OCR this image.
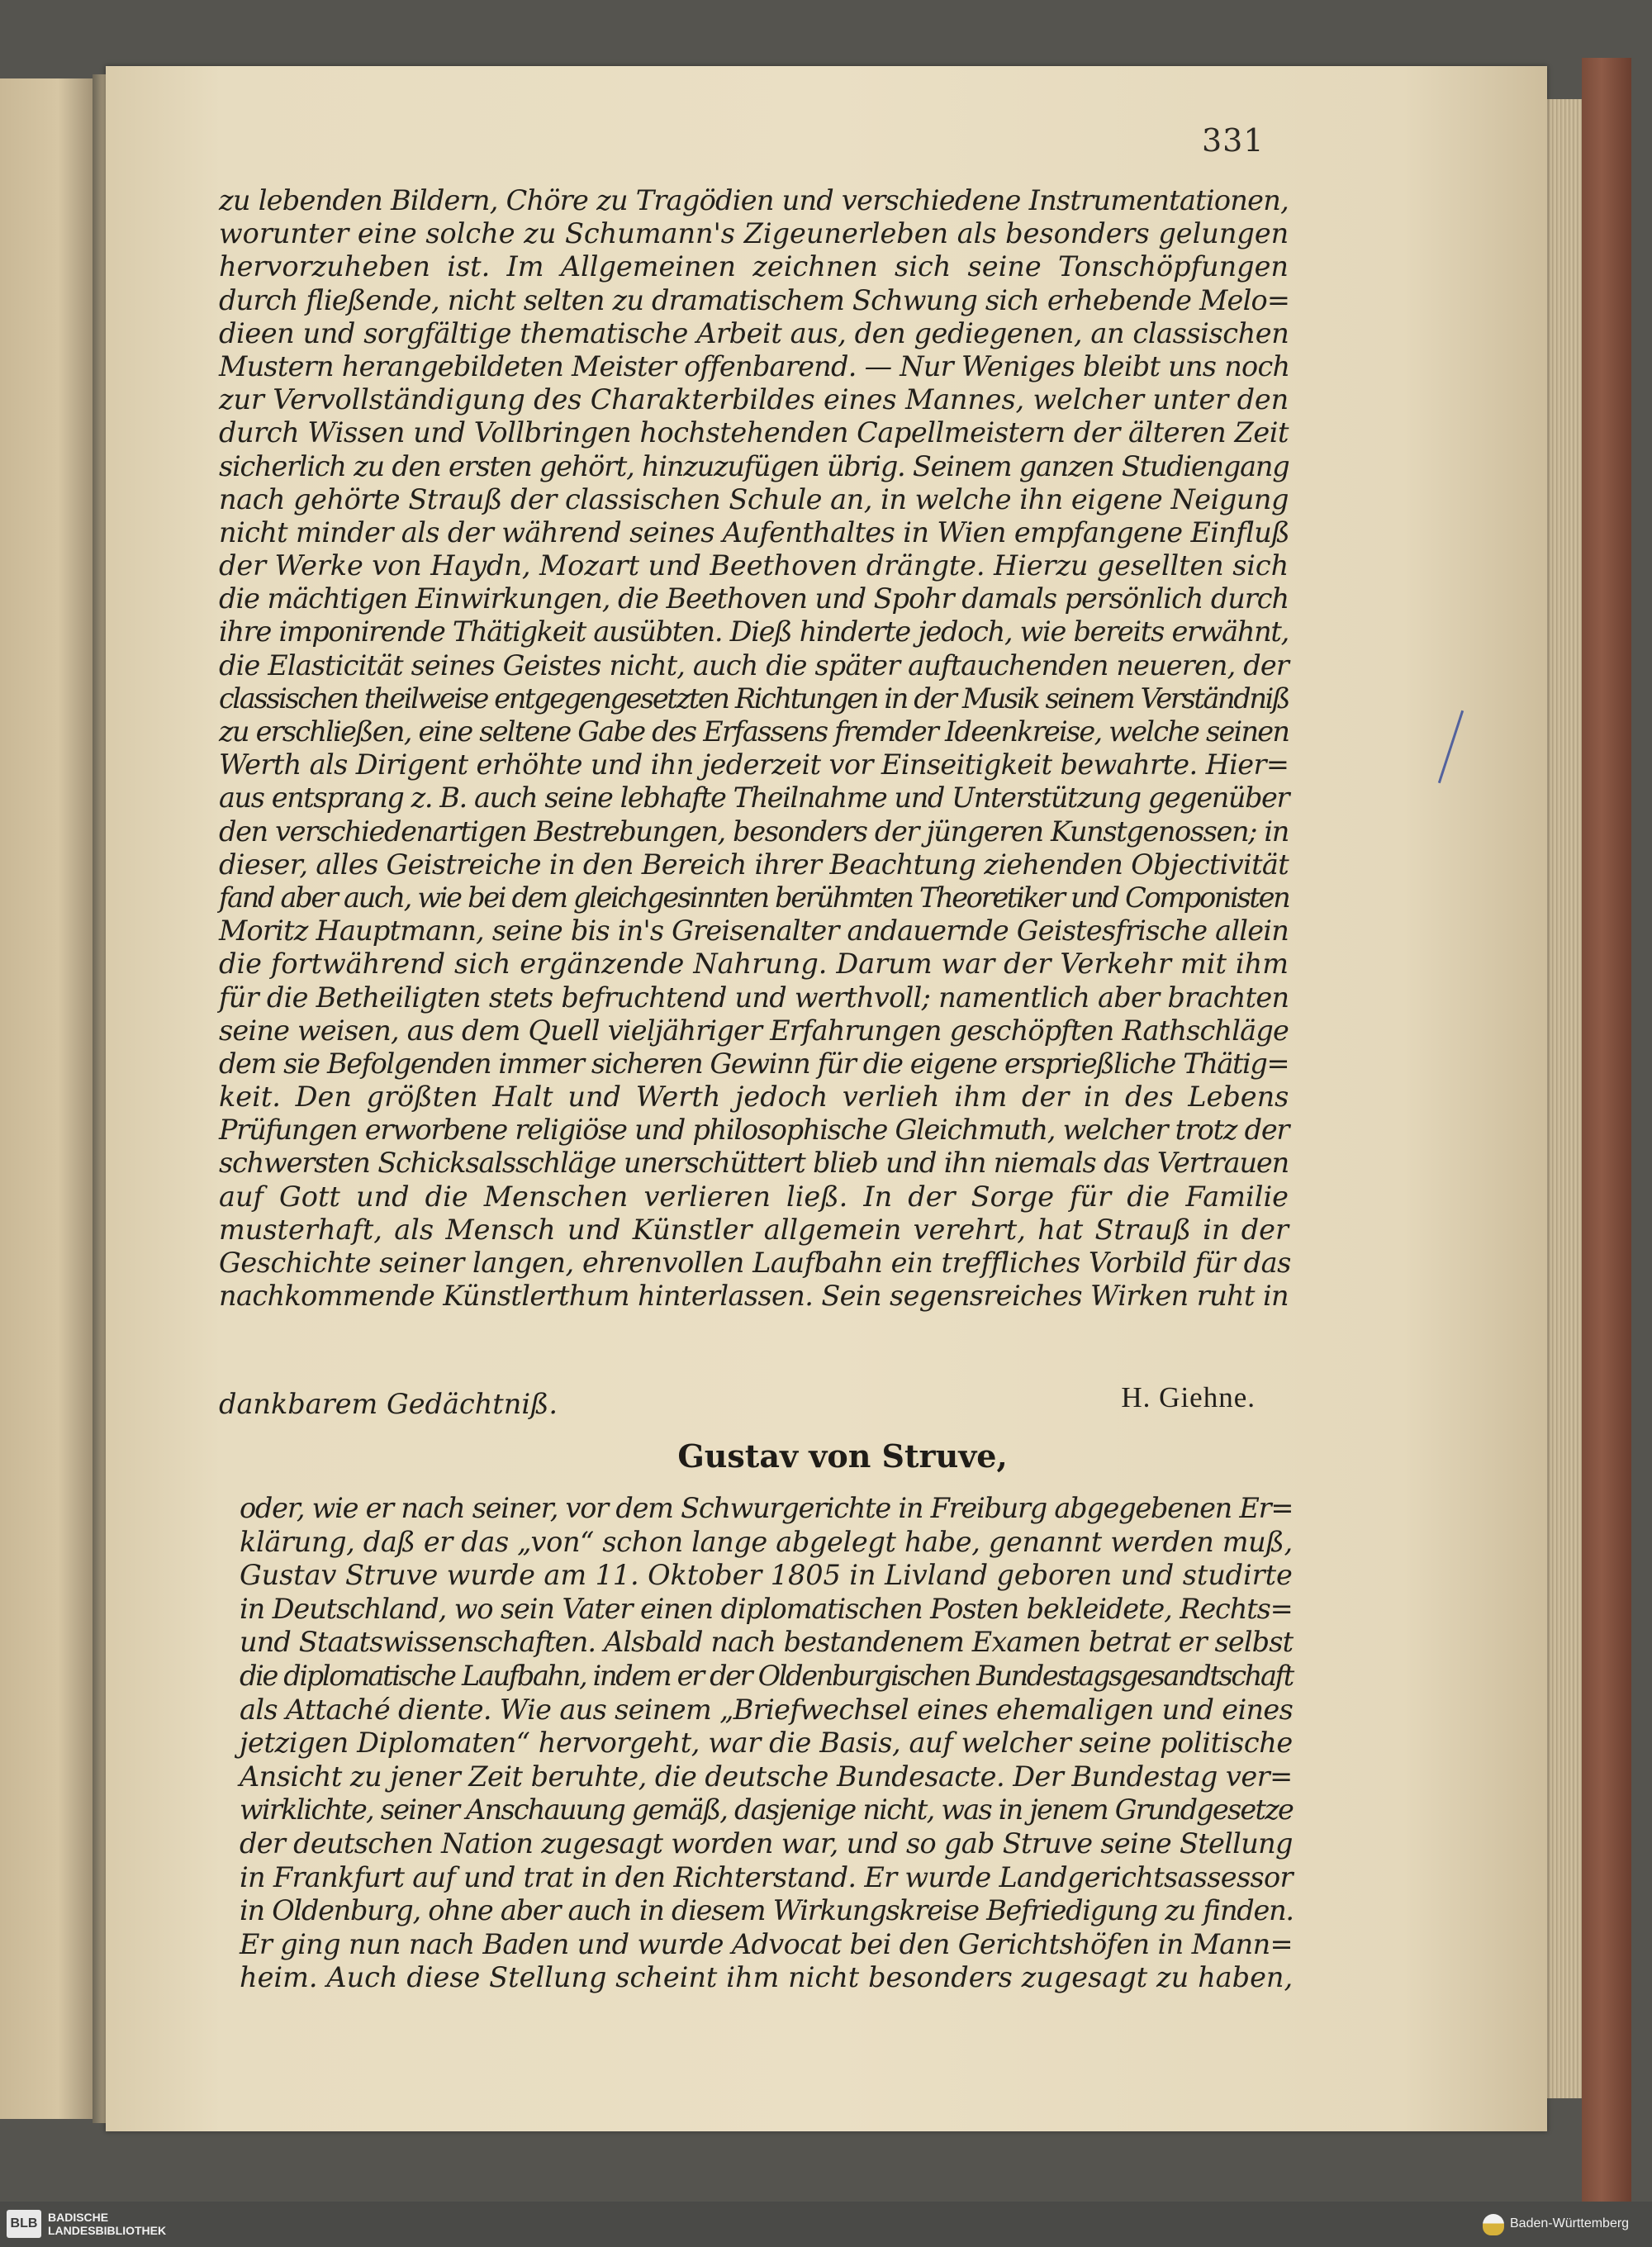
331
zu lebenden Bildern, Chöre zu Tragödien und verschiedene Instrumentationen,
worunter eine solche zu Schumann's Zigeunerleben als besonders gelungen
hervorzuheben ist. Im Allgemeinen zeichnen sich seine Tonschöpfungen
durch fließende, nicht selten zu dramatischem Schwung sich erhebende Melo=
dieen und sorgfältige thematische Arbeit aus, den gediegenen, an classischen
Mustern herangebildeten Meister offenbarend. — Nur Weniges bleibt uns noch
zur Vervollständigung des Charakterbildes eines Mannes, welcher unter den
durch Wissen und Vollbringen hochstehenden Capellmeistern der älteren Zeit
sicherlich zu den ersten gehört, hinzuzufügen übrig. Seinem ganzen Studiengang
nach gehörte Strauß der classischen Schule an, in welche ihn eigene Neigung
nicht minder als der während seines Aufenthaltes in Wien empfangene Einfluß
der Werke von Haydn, Mozart und Beethoven drängte. Hierzu gesellten sich
die mächtigen Einwirkungen, die Beethoven und Spohr damals persönlich durch
ihre imponirende Thätigkeit ausübten. Dieß hinderte jedoch, wie bereits erwähnt,
die Elasticität seines Geistes nicht, auch die später auftauchenden neueren, der
classischen theilweise entgegengesetzten Richtungen in der Musik seinem Verständniß
zu erschließen, eine seltene Gabe des Erfassens fremder Ideenkreise, welche seinen
Werth als Dirigent erhöhte und ihn jederzeit vor Einseitigkeit bewahrte. Hier=
aus entsprang z. B. auch seine lebhafte Theilnahme und Unterstützung gegenüber
den verschiedenartigen Bestrebungen, besonders der jüngeren Kunstgenossen; in
dieser, alles Geistreiche in den Bereich ihrer Beachtung ziehenden Objectivität
fand aber auch, wie bei dem gleichgesinnten berühmten Theoretiker und Componisten
Moritz Hauptmann, seine bis in's Greisenalter andauernde Geistesfrische allein
die fortwährend sich ergänzende Nahrung. Darum war der Verkehr mit ihm
für die Betheiligten stets befruchtend und werthvoll; namentlich aber brachten
seine weisen, aus dem Quell vieljähriger Erfahrungen geschöpften Rathschläge
dem sie Befolgenden immer sicheren Gewinn für die eigene ersprießliche Thätig=
keit. Den größten Halt und Werth jedoch verlieh ihm der in des Lebens
Prüfungen erworbene religiöse und philosophische Gleichmuth, welcher trotz der
schwersten Schicksalsschläge unerschüttert blieb und ihn niemals das Vertrauen
auf Gott und die Menschen verlieren ließ. In der Sorge für die Familie
musterhaft, als Mensch und Künstler allgemein verehrt, hat Strauß in der
Geschichte seiner langen, ehrenvollen Laufbahn ein treffliches Vorbild für das
nachkommende Künstlerthum hinterlassen. Sein segensreiches Wirken ruht in
dankbarem Gedächtniß.	H. Giehne.
Gustav von Struve,
oder, wie er nach seiner, vor dem Schwurgerichte in Freiburg abgegebenen Er=
klärung, daß er das „von“ schon lange abgelegt habe, genannt werden muß,
Gustav Struve wurde am 11. Oktober 1805 in Livland geboren und studirte
in Deutschland, wo sein Vater einen diplomatischen Posten bekleidete, Rechts=
und Staatswissenschaften. Alsbald nach bestandenem Examen betrat er selbst
die diplomatische Laufbahn, indem er der Oldenburgischen Bundestagsgesandtschaft
als Attaché diente. Wie aus seinem „Briefwechsel eines ehemaligen und eines
jetzigen Diplomaten“ hervorgeht, war die Basis, auf welcher seine politische
Ansicht zu jener Zeit beruhte, die deutsche Bundesacte. Der Bundestag ver=
wirklichte, seiner Anschauung gemäß, dasjenige nicht, was in jenem Grundgesetze
der deutschen Nation zugesagt worden war, und so gab Struve seine Stellung
in Frankfurt auf und trat in den Richterstand. Er wurde Landgerichtsassessor
in Oldenburg, ohne aber auch in diesem Wirkungskreise Befriedigung zu finden.
Er ging nun nach Baden und wurde Advocat bei den Gerichtshöfen in Mann=
heim. Auch diese Stellung scheint ihm nicht besonders zugesagt zu haben,
BLB BADISCHE
LANDESBIBLIOTHEK	Baden-Württemberg
